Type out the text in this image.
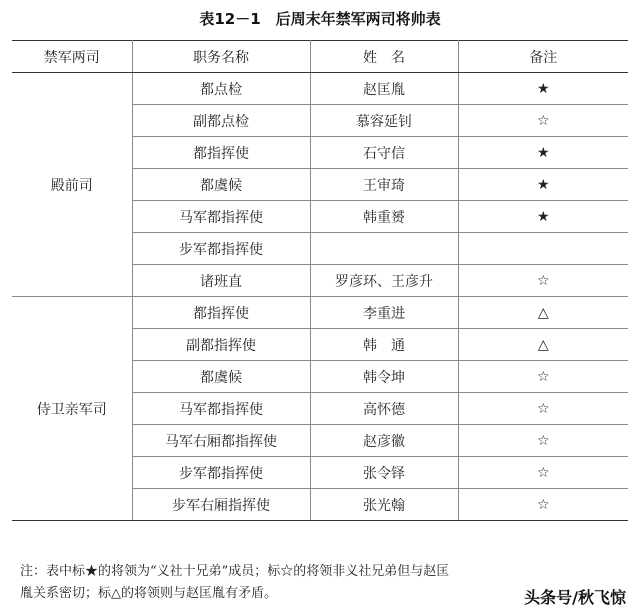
表12－1　后周末年禁军两司将帅表
禁军两司	职务名称	姓　名	备注
殿前司	都点检	赵匡胤	★
	副都点检	慕容延钊	☆
	都指挥使	石守信	★
	都虞候	王审琦	★
	马军都指挥使	韩重赟	★
	步军都指挥使		
	诸班直	罗彦环、王彦升	☆
侍卫亲军司	都指挥使	李重进	△
	副都指挥使	韩　通	△
	都虞候	韩令坤	☆
	马军都指挥使	高怀德	☆
	马军右厢都指挥使	赵彦徽	☆
	步军都指挥使	张令铎	☆
	步军右厢指挥使	张光翰	☆
注：表中标★的将领为“义社十兄弟”成员；标☆的将领非义社兄弟但与赵匡
胤关系密切；标△的将领则与赵匡胤有矛盾。	头条号/秋飞惊
